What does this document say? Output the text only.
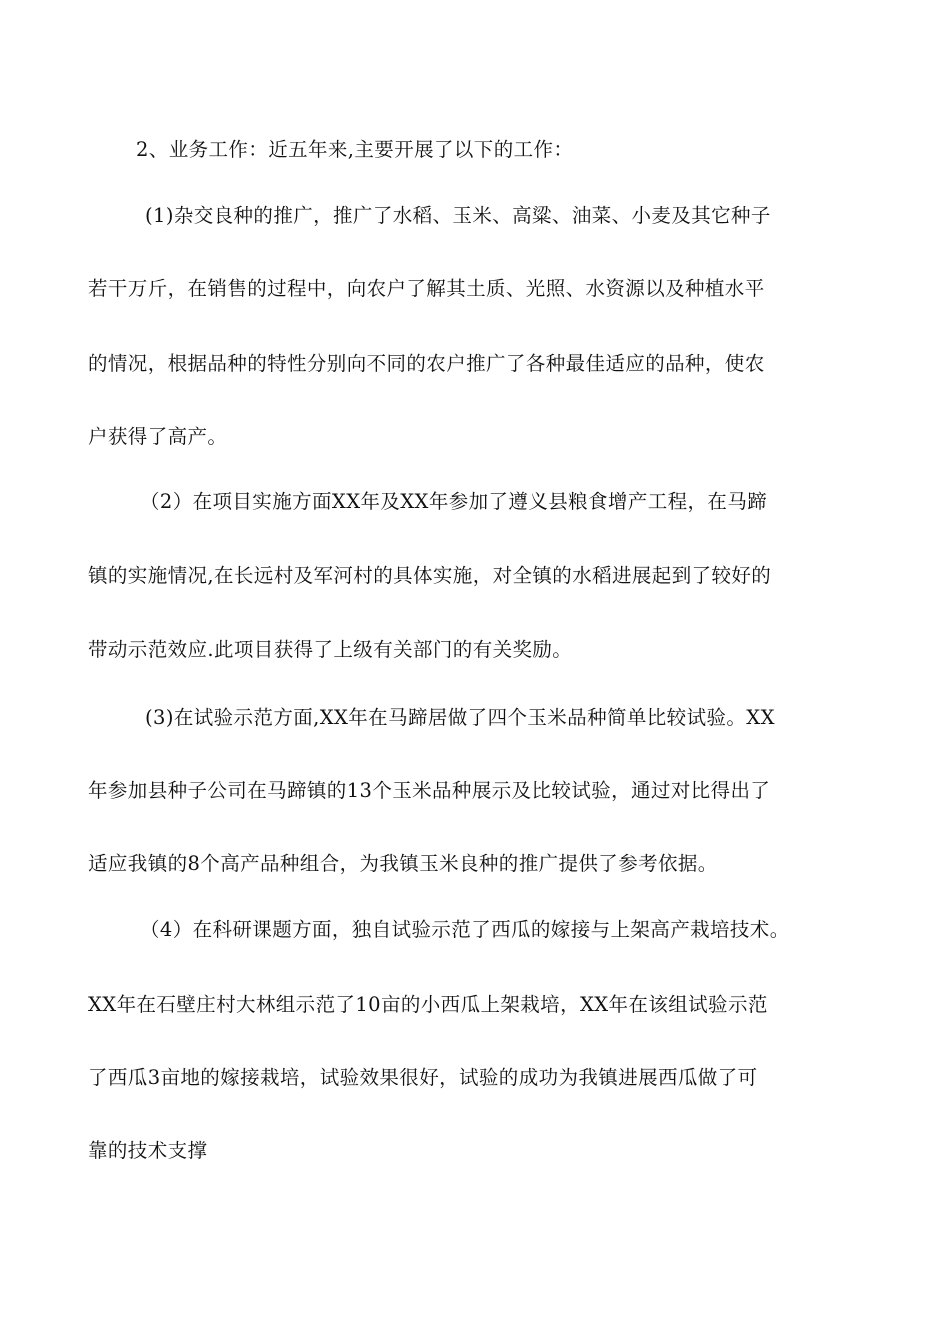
2、业务工作：近五年来,主要开展了以下的工作：
(1)杂交良种的推广，推广了水稻、玉米、高粱、油菜、小麦及其它种子
若干万斤，在销售的过程中，向农户了解其土质、光照、水资源以及种植水平
的情况，根据品种的特性分别向不同的农户推广了各种最佳适应的品种，使农
户获得了高产。
（2）在项目实施方面XX年及XX年参加了遵义县粮食增产工程，在马蹄
镇的实施情况,在长远村及军河村的具体实施，对全镇的水稻进展起到了较好的
带动示范效应.此项目获得了上级有关部门的有关奖励。
(3)在试验示范方面,XX年在马蹄居做了四个玉米品种简单比较试验。XX
年参加县种子公司在马蹄镇的13个玉米品种展示及比较试验，通过对比得出了
适应我镇的8个高产品种组合，为我镇玉米良种的推广提供了参考依据。
（4）在科研课题方面，独自试验示范了西瓜的嫁接与上架高产栽培技术。
XX年在石壁庄村大林组示范了10亩的小西瓜上架栽培，XX年在该组试验示范
了西瓜3亩地的嫁接栽培，试验效果很好，试验的成功为我镇进展西瓜做了可
靠的技术支撑
